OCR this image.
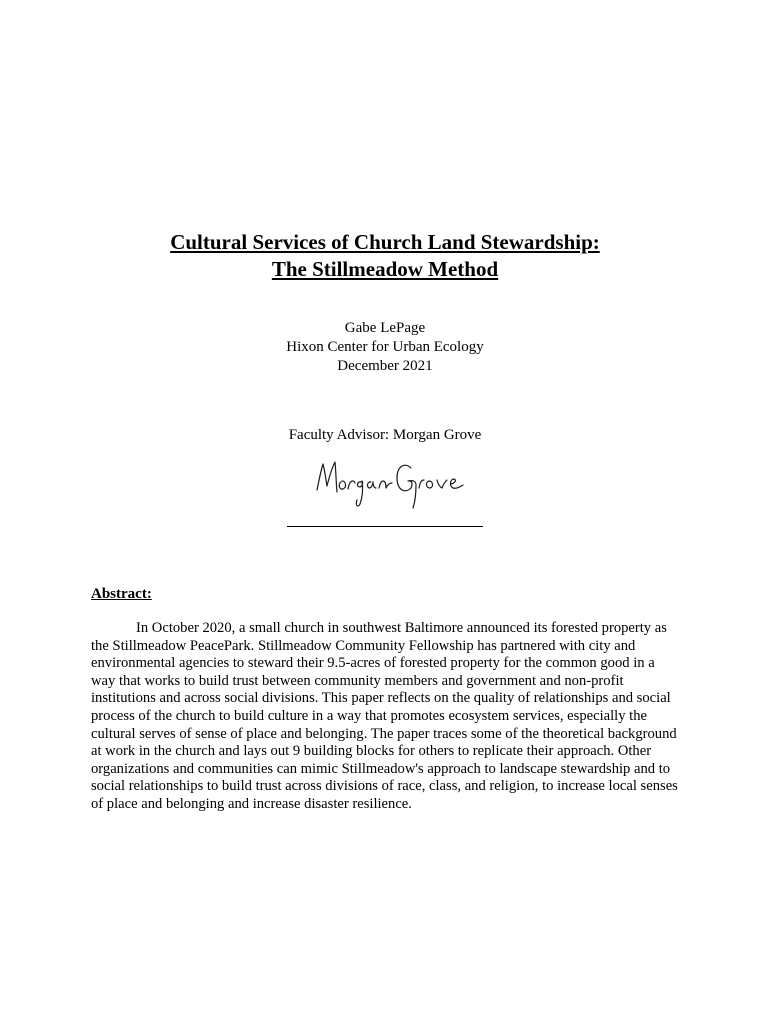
Cultural Services of Church Land Stewardship:
The Stillmeadow Method
Gabe LePage
Hixon Center for Urban Ecology
December 2021
Faculty Advisor: Morgan Grove
Abstract:
In October 2020, a small church in southwest Baltimore announced its forested property as the Stillmeadow PeacePark. Stillmeadow Community Fellowship has partnered with city and environmental agencies to steward their 9.5-acres of forested property for the common good in a way that works to build trust between community members and government and non-profit institutions and across social divisions. This paper reflects on the quality of relationships and social process of the church to build culture in a way that promotes ecosystem services, especially the cultural serves of sense of place and belonging. The paper traces some of the theoretical background at work in the church and lays out 9 building blocks for others to replicate their approach. Other organizations and communities can mimic Stillmeadow's approach to landscape stewardship and to social relationships to build trust across divisions of race, class, and religion, to increase local senses of place and belonging and increase disaster resilience.
